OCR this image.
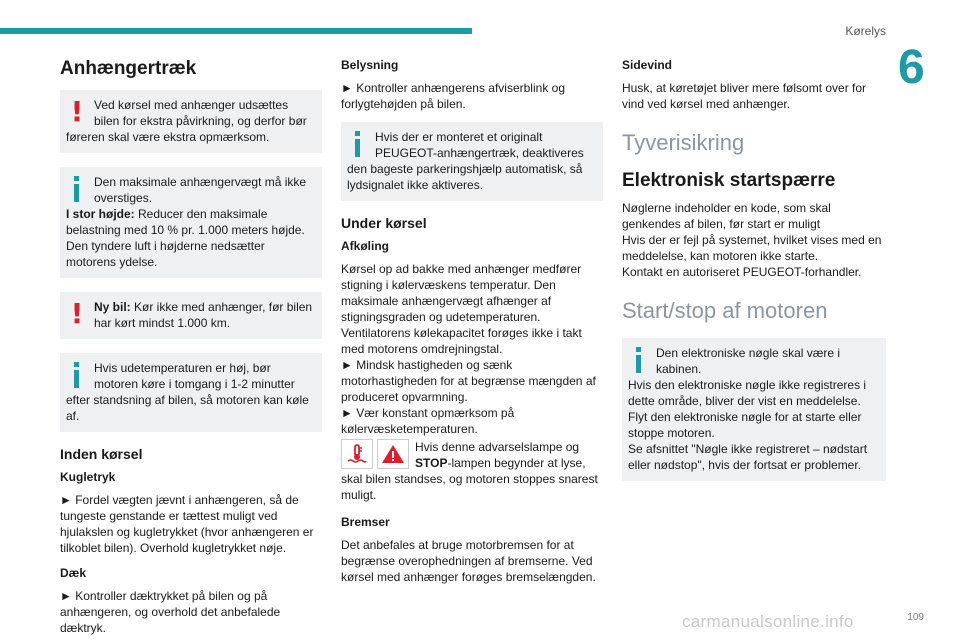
Kørelys
6
Anhængertræk
! Ved kørsel med anhænger udsættes bilen for ekstra påvirkning, og derfor bør føreren skal være ekstra opmærksom.
Den maksimale anhængervægt må ikke overstiges.
I stor højde: Reducer den maksimale belastning med 10 % pr. 1.000 meters højde. Den tyndere luft i højderne nedsætter motorens ydelse.
! Ny bil: Kør ikke med anhænger, før bilen har kørt mindst 1.000 km.
Hvis udetemperaturen er høj, bør motoren køre i tomgang i 1-2 minutter efter standsning af bilen, så motoren kan køle af.
Inden kørsel
Kugletryk

► Fordel vægten jævnt i anhængeren, så de tungeste genstande er tættest muligt ved hjulakslen og kugletrykket (hvor anhængeren er tilkoblet bilen). Overhold kugletrykket nøje.

Dæk

► Kontroller dæktrykket på bilen og på anhængeren, og overhold det anbefalede dæktryk.

Belysning

► Kontroller anhængerens afviserblink og forlygtehøjden på bilen.

Hvis der er monteret et originalt PEUGEOT-anhængertræk, deaktiveres den bageste parkeringshjælp automatisk, så lydsignalet ikke aktiveres.
Under kørsel
Afkøling

Kørsel op ad bakke med anhænger medfører stigning i kølervæskens temperatur. Den maksimale anhængervægt afhænger af stigningsgraden og udetemperaturen.

Ventilatorens kølekapacitet forøges ikke i takt med motorens omdrejningstal.

► Mindsk hastigheden og sænk motorhastigheden for at begrænse mængden af produceret opvarmning.

► Vær konstant opmærksom på kølervæsketemperaturen.

Hvis denne advarselslampe og STOP-lampen begynder at lyse, skal bilen standses, og motoren stoppes snarest muligt.

Bremser

Det anbefales at bruge motorbremsen for at begrænse overophedningen af bremserne. Ved kørsel med anhænger forøges bremselængden.

Sidevind

Husk, at køretøjet bliver mere følsomt over for vind ved kørsel med anhænger.

Tyverisikring
Elektronisk startspærre

Nøglerne indeholder en kode, som skal genkendes af bilen, før start er muligt

Hvis der er fejl på systemet, hvilket vises med en meddelelse, kan motoren ikke starte.

Kontakt en autoriseret PEUGEOT-forhandler.

Start/stop af motoren
Den elektroniske nøgle skal være i kabinen.
Hvis den elektroniske nøgle ikke registreres i dette område, bliver der vist en meddelelse.
Flyt den elektroniske nøgle for at starte eller stoppe motoren.
Se afsnittet "Nøgle ikke registreret – nødstart eller nødstop", hvis der fortsat er problemer.
carmanualsonline.info	109
